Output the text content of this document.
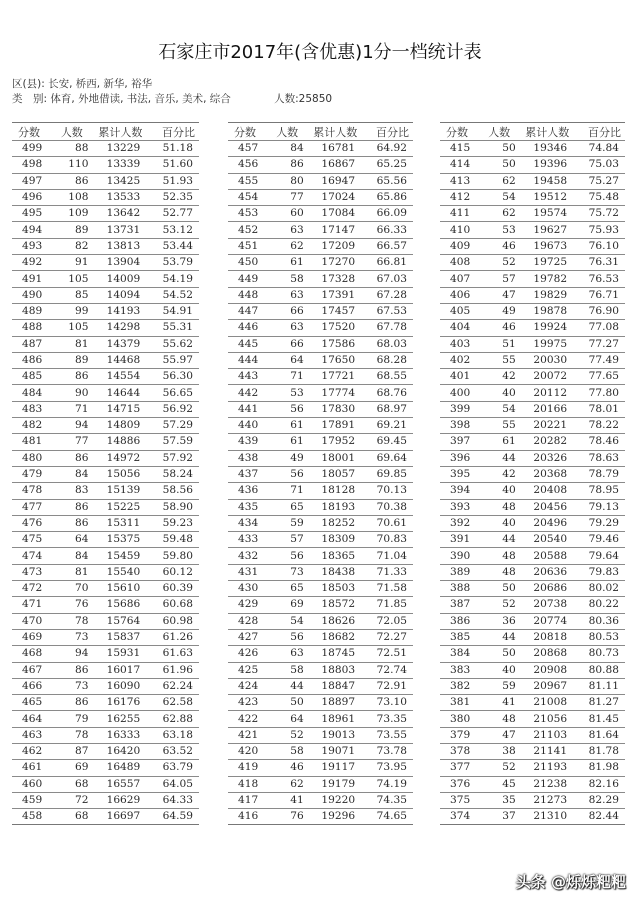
石家庄市2017年(含优惠)1分一档统计表
区(县): 长安, 桥西, 新华, 裕华
类　别: 体育, 外地借读, 书法, 音乐, 美术, 综合	人数:25850
分数	人数	累计人数	百分比
499	88	13229	51.18
498	110	13339	51.60
497	86	13425	51.93
496	108	13533	52.35
495	109	13642	52.77
494	89	13731	53.12
493	82	13813	53.44
492	91	13904	53.79
491	105	14009	54.19
490	85	14094	54.52
489	99	14193	54.91
488	105	14298	55.31
487	81	14379	55.62
486	89	14468	55.97
485	86	14554	56.30
484	90	14644	56.65
483	71	14715	56.92
482	94	14809	57.29
481	77	14886	57.59
480	86	14972	57.92
479	84	15056	58.24
478	83	15139	58.56
477	86	15225	58.90
476	86	15311	59.23
475	64	15375	59.48
474	84	15459	59.80
473	81	15540	60.12
472	70	15610	60.39
471	76	15686	60.68
470	78	15764	60.98
469	73	15837	61.26
468	94	15931	61.63
467	86	16017	61.96
466	73	16090	62.24
465	86	16176	62.58
464	79	16255	62.88
463	78	16333	63.18
462	87	16420	63.52
461	69	16489	63.79
460	68	16557	64.05
459	72	16629	64.33
458	68	16697	64.59
分数	人数	累计人数	百分比
457	84	16781	64.92
456	86	16867	65.25
455	80	16947	65.56
454	77	17024	65.86
453	60	17084	66.09
452	63	17147	66.33
451	62	17209	66.57
450	61	17270	66.81
449	58	17328	67.03
448	63	17391	67.28
447	66	17457	67.53
446	63	17520	67.78
445	66	17586	68.03
444	64	17650	68.28
443	71	17721	68.55
442	53	17774	68.76
441	56	17830	68.97
440	61	17891	69.21
439	61	17952	69.45
438	49	18001	69.64
437	56	18057	69.85
436	71	18128	70.13
435	65	18193	70.38
434	59	18252	70.61
433	57	18309	70.83
432	56	18365	71.04
431	73	18438	71.33
430	65	18503	71.58
429	69	18572	71.85
428	54	18626	72.05
427	56	18682	72.27
426	63	18745	72.51
425	58	18803	72.74
424	44	18847	72.91
423	50	18897	73.10
422	64	18961	73.35
421	52	19013	73.55
420	58	19071	73.78
419	46	19117	73.95
418	62	19179	74.19
417	41	19220	74.35
416	76	19296	74.65
分数	人数	累计人数	百分比
415	50	19346	74.84
414	50	19396	75.03
413	62	19458	75.27
412	54	19512	75.48
411	62	19574	75.72
410	53	19627	75.93
409	46	19673	76.10
408	52	19725	76.31
407	57	19782	76.53
406	47	19829	76.71
405	49	19878	76.90
404	46	19924	77.08
403	51	19975	77.27
402	55	20030	77.49
401	42	20072	77.65
400	40	20112	77.80
399	54	20166	78.01
398	55	20221	78.22
397	61	20282	78.46
396	44	20326	78.63
395	42	20368	78.79
394	40	20408	78.95
393	48	20456	79.13
392	40	20496	79.29
391	44	20540	79.46
390	48	20588	79.64
389	48	20636	79.83
388	50	20686	80.02
387	52	20738	80.22
386	36	20774	80.36
385	44	20818	80.53
384	50	20868	80.73
383	40	20908	80.88
382	59	20967	81.11
381	41	21008	81.27
380	48	21056	81.45
379	47	21103	81.64
378	38	21141	81.78
377	52	21193	81.98
376	45	21238	82.16
375	35	21273	82.29
374	37	21310	82.44
头条 @烁烁粑粑
